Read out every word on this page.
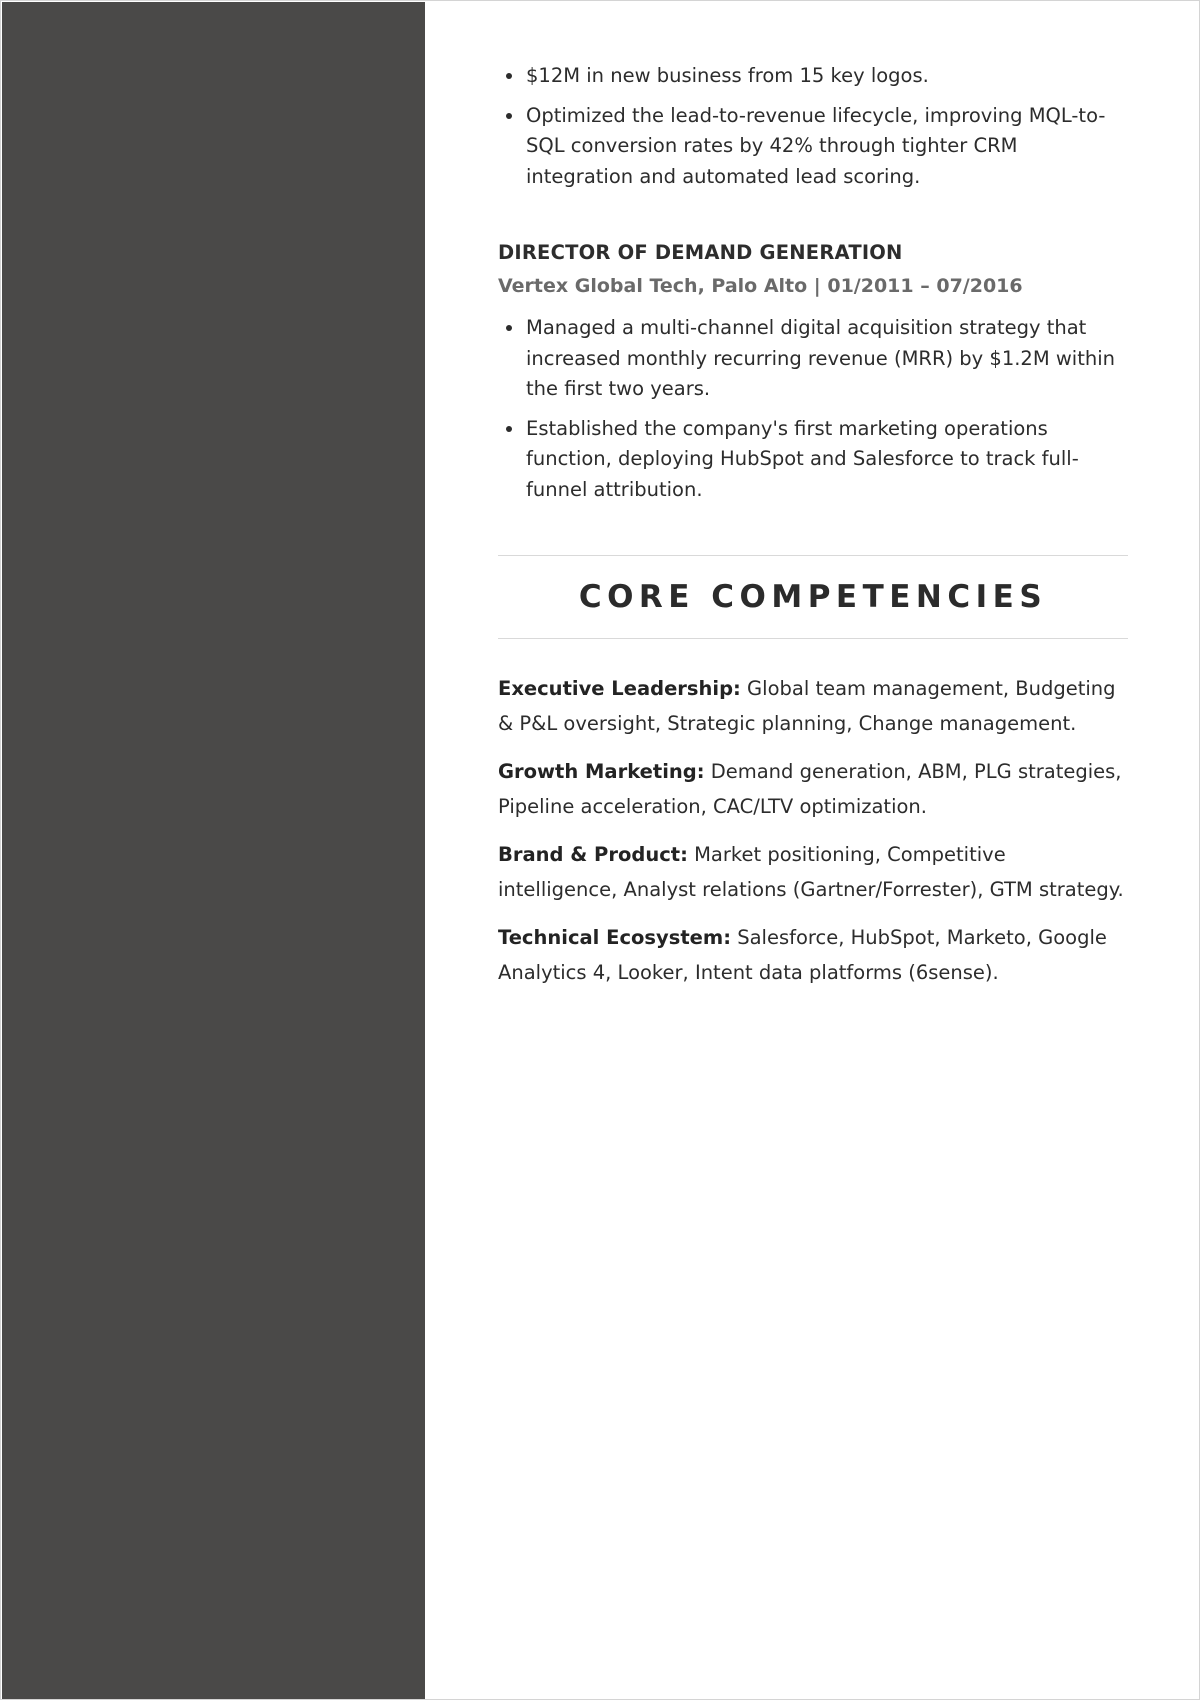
• $12M in new business from 15 key logos.
• Optimized the lead-to-revenue lifecycle, improving MQL-to-SQL conversion rates by 42% through tighter CRM integration and automated lead scoring.
DIRECTOR OF DEMAND GENERATION
Vertex Global Tech, Palo Alto | 01/2011 – 07/2016
• Managed a multi-channel digital acquisition strategy that increased monthly recurring revenue (MRR) by $1.2M within the first two years.
• Established the company's first marketing operations function, deploying HubSpot and Salesforce to track full-funnel attribution.
CORE COMPETENCIES

Executive Leadership: Global team management, Budgeting & P&L oversight, Strategic planning, Change management.

Growth Marketing: Demand generation, ABM, PLG strategies, Pipeline acceleration, CAC/LTV optimization.

Brand & Product: Market positioning, Competitive intelligence, Analyst relations (Gartner/Forrester), GTM strategy.

Technical Ecosystem: Salesforce, HubSpot, Marketo, Google Analytics 4, Looker, Intent data platforms (6sense).
